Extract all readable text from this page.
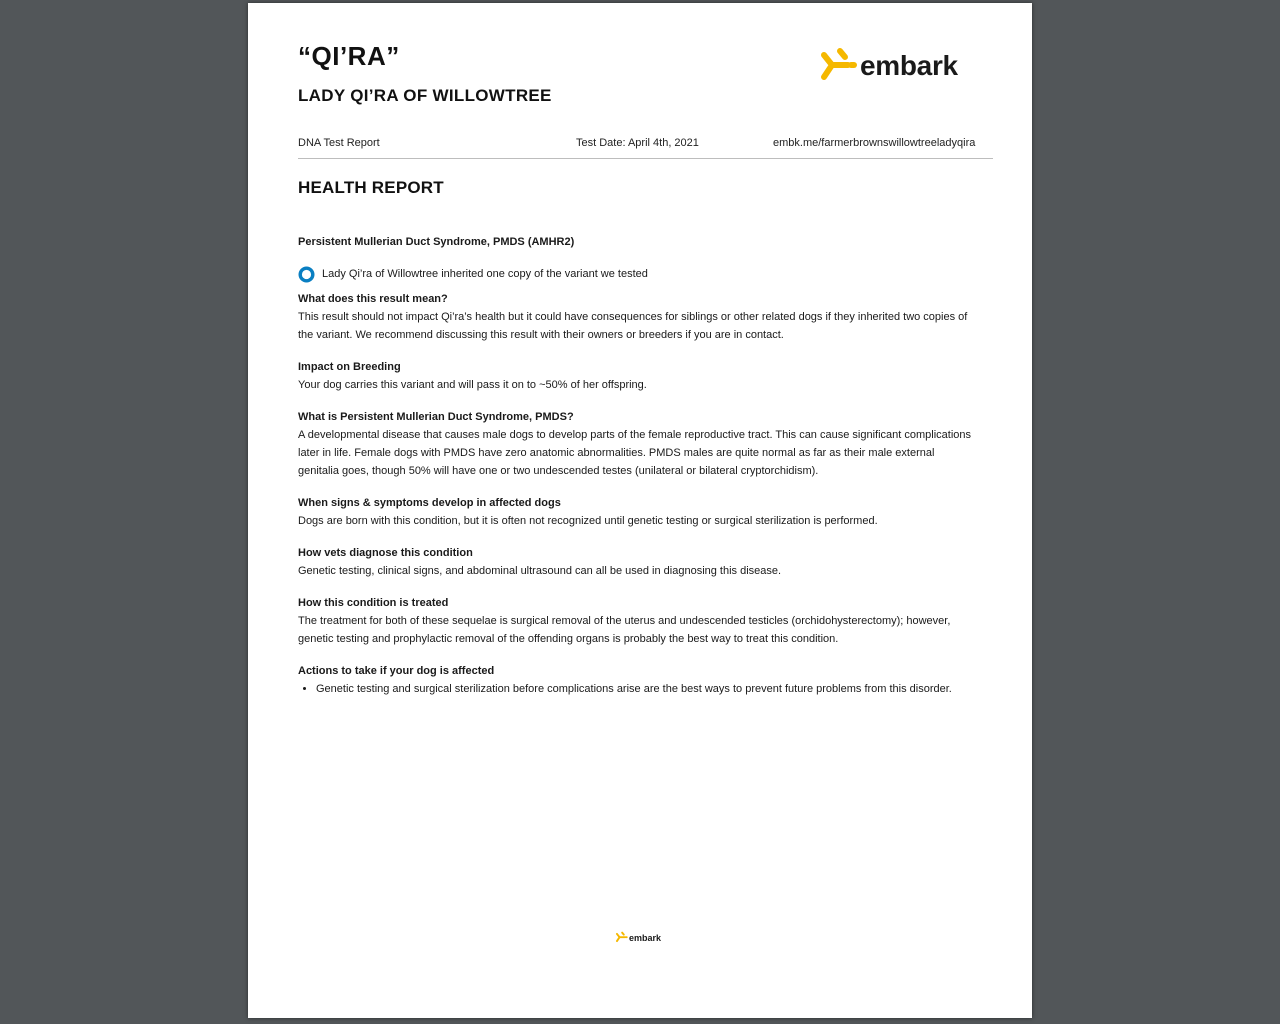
“QI’RA”
LADY QI’RA OF WILLOWTREE
embark
DNA Test Report	Test Date: April 4th, 2021	embk.me/farmerbrownswillowtreeladyqira
HEALTH REPORT

Persistent Mullerian Duct Syndrome, PMDS (AMHR2)

Lady Qi’ra of Willowtree inherited one copy of the variant we tested

What does this result mean?

This result should not impact Qi’ra’s health but it could have consequences for siblings or other related dogs if they inherited two copies of the variant. We recommend discussing this result with their owners or breeders if you are in contact.

Impact on Breeding

Your dog carries this variant and will pass it on to ~50% of her offspring.

What is Persistent Mullerian Duct Syndrome, PMDS?

A developmental disease that causes male dogs to develop parts of the female reproductive tract. This can cause significant complications later in life. Female dogs with PMDS have zero anatomic abnormalities. PMDS males are quite normal as far as their male external genitalia goes, though 50% will have one or two undescended testes (unilateral or bilateral cryptorchidism).

When signs & symptoms develop in affected dogs

Dogs are born with this condition, but it is often not recognized until genetic testing or surgical sterilization is performed.

How vets diagnose this condition

Genetic testing, clinical signs, and abdominal ultrasound can all be used in diagnosing this disease.

How this condition is treated

The treatment for both of these sequelae is surgical removal of the uterus and undescended testicles (orchidohysterectomy); however, genetic testing and prophylactic removal of the offending organs is probably the best way to treat this condition.

Actions to take if your dog is affected

• Genetic testing and surgical sterilization before complications arise are the best ways to prevent future problems from this disorder.
embark
